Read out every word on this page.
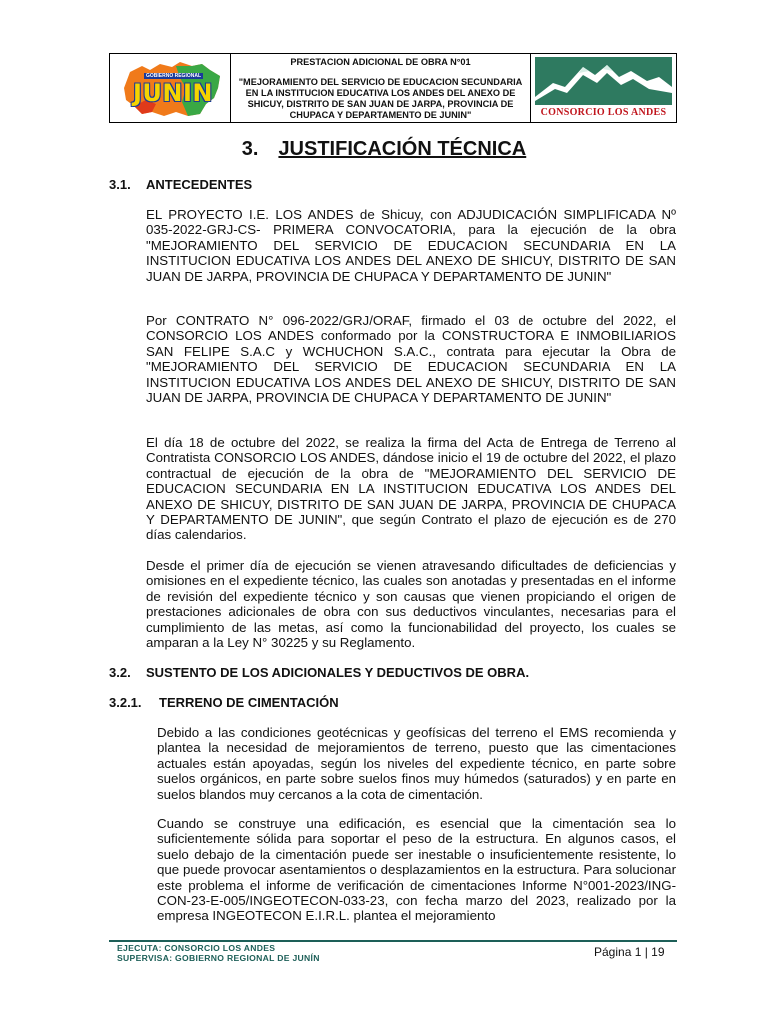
GOBIERNO REGIONAL
JUNIN
PRESTACION ADICIONAL DE OBRA N°01
"MEJORAMIENTO DEL SERVICIO DE EDUCACION SECUNDARIA EN LA INSTITUCION EDUCATIVA LOS ANDES DEL ANEXO DE SHICUY, DISTRITO DE SAN JUAN DE JARPA, PROVINCIA DE CHUPACA Y DEPARTAMENTO DE JUNIN"	CONSORCIO LOS ANDES
3. JUSTIFICACIÓN TÉCNICA
3.1. ANTECEDENTES
EL PROYECTO I.E. LOS ANDES de Shicuy, con ADJUDICACIÓN SIMPLIFICADA Nº 035-2022-GRJ-CS- PRIMERA CONVOCATORIA, para la ejecución de la obra "MEJORAMIENTO DEL SERVICIO DE EDUCACION SECUNDARIA EN LA INSTITUCION EDUCATIVA LOS ANDES DEL ANEXO DE SHICUY, DISTRITO DE SAN JUAN DE JARPA, PROVINCIA DE CHUPACA Y DEPARTAMENTO DE JUNIN"
Por CONTRATO N° 096-2022/GRJ/ORAF, firmado el 03 de octubre del 2022, el CONSORCIO LOS ANDES conformado por la CONSTRUCTORA E INMOBILIARIOS SAN FELIPE S.A.C y WCHUCHON S.A.C., contrata para ejecutar la Obra de "MEJORAMIENTO DEL SERVICIO DE EDUCACION SECUNDARIA EN LA INSTITUCION EDUCATIVA LOS ANDES DEL ANEXO DE SHICUY, DISTRITO DE SAN JUAN DE JARPA, PROVINCIA DE CHUPACA Y DEPARTAMENTO DE JUNIN"
El día 18 de octubre del 2022, se realiza la firma del Acta de Entrega de Terreno al Contratista CONSORCIO LOS ANDES, dándose inicio el 19 de octubre del 2022, el plazo contractual de ejecución de la obra de "MEJORAMIENTO DEL SERVICIO DE EDUCACION SECUNDARIA EN LA INSTITUCION EDUCATIVA LOS ANDES DEL ANEXO DE SHICUY, DISTRITO DE SAN JUAN DE JARPA, PROVINCIA DE CHUPACA Y DEPARTAMENTO DE JUNIN", que según Contrato el plazo de ejecución es de 270 días calendarios.
Desde el primer día de ejecución se vienen atravesando dificultades de deficiencias y omisiones en el expediente técnico, las cuales son anotadas y presentadas en el informe de revisión del expediente técnico y son causas que vienen propiciando el origen de prestaciones adicionales de obra con sus deductivos vinculantes, necesarias para el cumplimiento de las metas, así como la funcionabilidad del proyecto, los cuales se amparan a la Ley N° 30225 y su Reglamento.
3.2. SUSTENTO DE LOS ADICIONALES Y DEDUCTIVOS DE OBRA.
3.2.1. TERRENO DE CIMENTACIÓN
Debido a las condiciones geotécnicas y geofísicas del terreno el EMS recomienda y plantea la necesidad de mejoramientos de terreno, puesto que las cimentaciones actuales están apoyadas, según los niveles del expediente técnico, en parte sobre suelos orgánicos, en parte sobre suelos finos muy húmedos (saturados) y en parte en suelos blandos muy cercanos a la cota de cimentación.
Cuando se construye una edificación, es esencial que la cimentación sea lo suficientemente sólida para soportar el peso de la estructura. En algunos casos, el suelo debajo de la cimentación puede ser inestable o insuficientemente resistente, lo que puede provocar asentamientos o desplazamientos en la estructura. Para solucionar este problema el informe de verificación de cimentaciones Informe N°001-2023/ING-CON-23-E-005/INGEOTECON-033-23, con fecha marzo del 2023, realizado por la empresa INGEOTECON E.I.R.L. plantea el mejoramiento
EJECUTA: CONSORCIO LOS ANDES
SUPERVISA: GOBIERNO REGIONAL DE JUNÍN	Página 1 | 19
